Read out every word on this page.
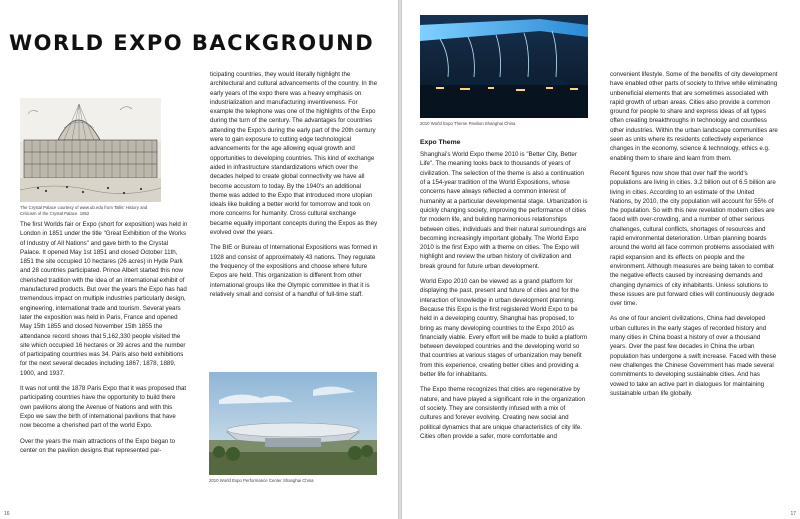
WORLD EXPO BACKGROUND
The Crystal Palace courtesy of www.ub.edu from Tallis' History and Criticism of the Crystal Palace. 1852

The first Worlds fair or Expo (short for exposition) was held in London in 1851 under the title "Great Exhibition of the Works of Industry of All Nations" and gave birth to the Crystal Palace. It opened May 1st 1851 and closed October 11th, 1851 the site occupied 10 hectares (26 acres) in Hyde Park and 28 countries participated. Prince Albert started this now cherished tradition with the idea of an international exhibit of manufactured products. But over the years the Expo has had tremendous impact on multiple industries particularly design, engineering, international trade and tourism. Several years later the exposition was held in Paris, France and opened May 15th 1855 and closed November 15th 1855 the attendance record shows that 5,162,330 people visited the site which occupied 16 hectares or 39 acres and the number of participating countries was 34. Paris also held exhibitions for the next several decades including 1867, 1878, 1889, 1900, and 1937.

It was not until the 1878 Paris Expo that it was proposed that participating countries have the opportunity to build there own pavilions along the Avenue of Nations and with this Expo we saw the birth of international pavilions that have now become a cherished part of the world Expo.

Over the years the main attractions of the Expo began to center on the pavilion designs that represented par-

ticipating countries, they would literally highlight the architectural and cultural advancements of the country. In the early years of the expo there was a heavy emphasis on industrialization and manufacturing inventiveness. For example the telephone was one of the highlights of the Expo during the turn of the century. The advantages for countries attending the Expo's during the early part of the 20th century were to gain exposure to cutting edge technological advancements for the age allowing equal growth and opportunities to developing countries. This kind of exchange aided in infrastructure standardizations which over the decades helped to create global connectivity we have all become accustom to today. By the 1940's an additional theme was added to the Expo that introduced more utopian ideals like building a better world for tomorrow and took on more concerns for humanity. Cross cultural exchange became equally important concepts during the Expos as they evolved over the years.

The BIE or Bureau of International Expositions was formed in 1928 and consist of approximately 43 nations. They regulate the frequency of the expositions and choose where future Expos are held. This organization is different from other international groups like the Olympic committee in that it is relatively small and consist of a handful of full-time staff.

2010 World Expo Performance Center Shanghai China
16
2010 World Expo Theme Pavilion Shanghai China
Expo Theme

Shanghai's World Expo theme 2010 is "Better City, Better Life". The meaning looks back to thousands of years of civilization. The selection of the theme is also a continuation of a 154-year tradition of the World Expositions, whose concerns have always reflected a common interest of humanity at a particular developmental stage. Urbanization is quickly changing society, improving the performance of cities for modern life, and building harmonious relationships between cities, individuals and their natural surroundings are becoming increasingly important globally. The World Expo 2010 is the first Expo with a theme on cities. The Expo will highlight and review the urban history of civilization and break ground for future urban development.

World Expo 2010 can be viewed as a grand platform for displaying the past, present and future of cities and for the interaction of knowledge in urban development planning. Because this Expo is the first registered World Expo to be held in a developing country, Shanghai has proposed, to bring as many developing countries to the Expo 2010 as financially viable. Every effort will be made to build a platform between developed countries and the developing world so that countries at various stages of urbanization may benefit from this experience, creating better cities and providing a better life for inhabitants.

The Expo theme recognizes that cities are regenerative by nature, and have played a significant role in the organization of society. They are consistently infused with a mix of cultures and forever evolving. Creating new social and political dynamics that are unique characteristics of city life. Cities often provide a safer, more comfortable and

convenient lifestyle. Some of the benefits of city development have enabled other parts of society to thrive while eliminating unbeneficial elements that are sometimes associated with rapid growth of urban areas. Cities also provide a common ground for people to share and express ideas of all types often creating breakthroughs in technology and countless other industries. Within the urban landscape communities are seen as units where its residents collectively experience changes in the economy, science & technology, ethics e.g. enabling them to share and learn from them.

Recent figures now show that over half the world's populations are living in cities. 3.2 billion out of 6.5 billion are living in cities. According to an estimate of the United Nations, by 2010, the city population will account for 55% of the population. So with this new revelation modern cities are faced with over-crowding, and a number of other serious challenges, cultural conflicts, shortages of resources and rapid environmental deterioration. Urban planning boards around the world all face common problems associated with rapid expansion and its effects on people and the environment. Although measures are being taken to combat the negative effects caused by increasing demands and changing dynamics of city inhabitants. Unless solutions to these issues are put forward cities will continuously degrade over time.

As one of four ancient civilizations, China had developed urban cultures in the early stages of recorded history and many cities in China boast a history of over a thousand years. Over the past few decades in China the urban population has undergone a swift increase. Faced with these new challenges the Chinese Government has made several commitments to developing sustainable cities. And has vowed to take an active part in dialogues for maintaining sustainable urban life globally.

17
